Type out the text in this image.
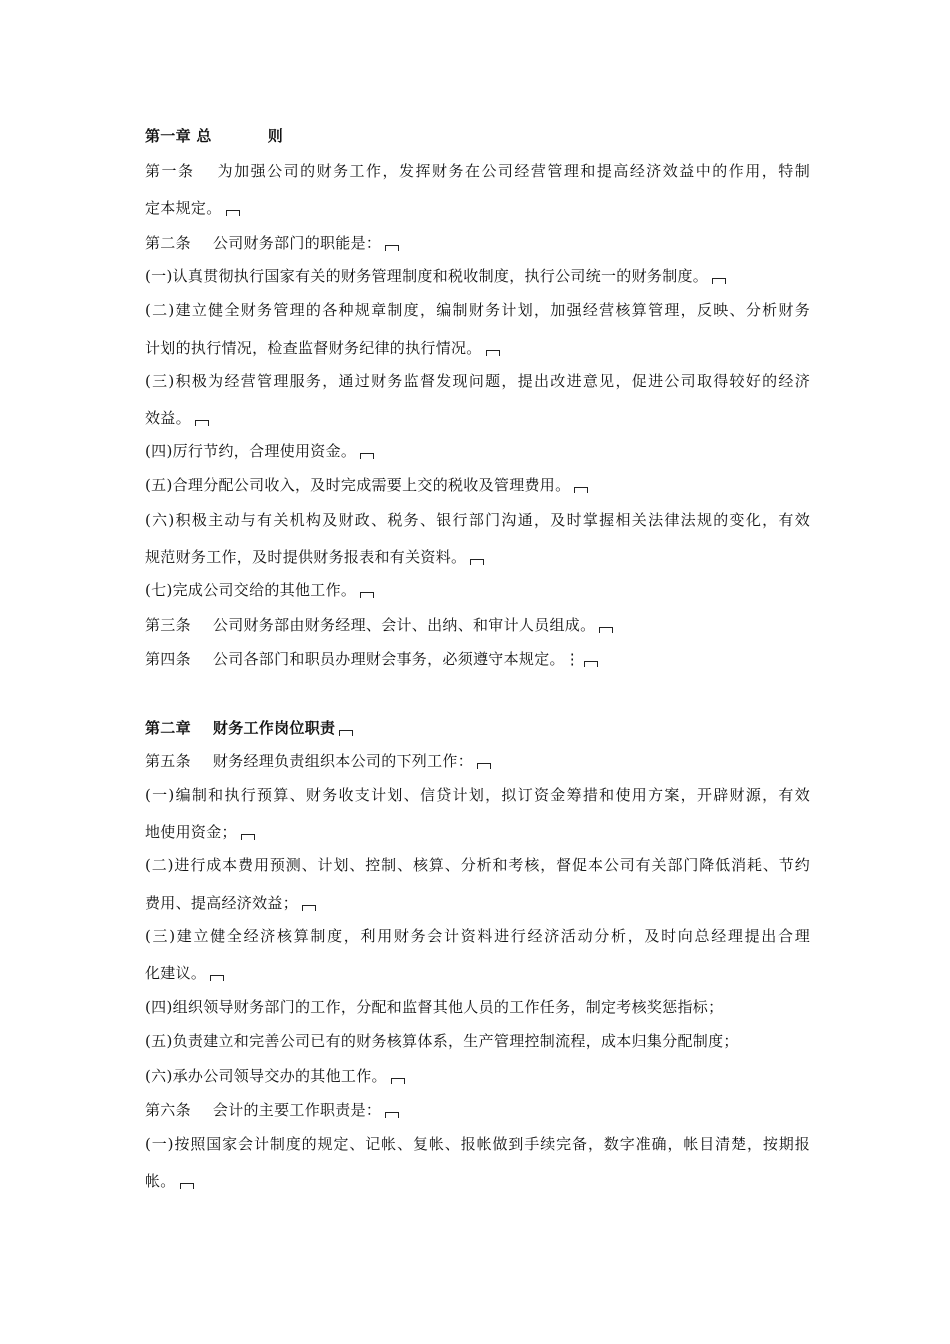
第一章 总	则
第一条 为加强公司的财务工作，发挥财务在公司经营管理和提高经济效益中的作用，特制
定本规定。
第二条 公司财务部门的职能是：
(一)认真贯彻执行国家有关的财务管理制度和税收制度，执行公司统一的财务制度。
(二)建立健全财务管理的各种规章制度，编制财务计划，加强经营核算管理，反映、分析财务
计划的执行情况，检查监督财务纪律的执行情况。
(三)积极为经营管理服务，通过财务监督发现问题，提出改进意见，促进公司取得较好的经济
效益。
(四)厉行节约，合理使用资金。
(五)合理分配公司收入，及时完成需要上交的税收及管理费用。
(六)积极主动与有关机构及财政、税务、银行部门沟通，及时掌握相关法律法规的变化，有效
规范财务工作，及时提供财务报表和有关资料。
(七)完成公司交给的其他工作。
第三条 公司财务部由财务经理、会计、出纳、和审计人员组成。
第四条 公司各部门和职员办理财会事务，必须遵守本规定。⋮
第二章 财务工作岗位职责
第五条 财务经理负责组织本公司的下列工作：
(一)编制和执行预算、财务收支计划、信贷计划，拟订资金筹措和使用方案，开辟财源，有效
地使用资金；
(二)进行成本费用预测、计划、控制、核算、分析和考核，督促本公司有关部门降低消耗、节约
费用、提高经济效益；
(三)建立健全经济核算制度，利用财务会计资料进行经济活动分析，及时向总经理提出合理
化建议。
(四)组织领导财务部门的工作，分配和监督其他人员的工作任务，制定考核奖惩指标；
(五)负责建立和完善公司已有的财务核算体系，生产管理控制流程，成本归集分配制度；
(六)承办公司领导交办的其他工作。
第六条 会计的主要工作职责是：
(一)按照国家会计制度的规定、记帐、复帐、报帐做到手续完备，数字准确，帐目清楚，按期报
帐。
